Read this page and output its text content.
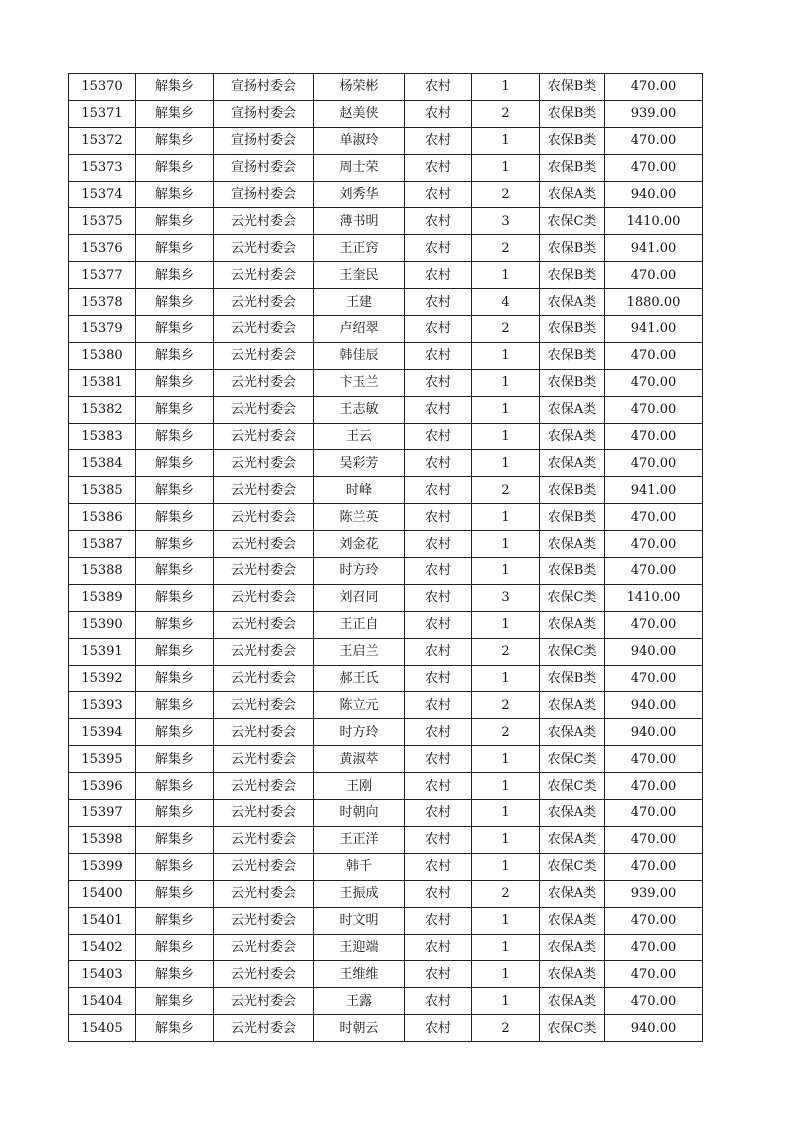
15370	解集乡	宣扬村委会	杨荣彬	农村	1	农保B类	470.00
15371	解集乡	宣扬村委会	赵美侠	农村	2	农保B类	939.00
15372	解集乡	宣扬村委会	单淑玲	农村	1	农保B类	470.00
15373	解集乡	宣扬村委会	周士荣	农村	1	农保B类	470.00
15374	解集乡	宣扬村委会	刘秀华	农村	2	农保A类	940.00
15375	解集乡	云光村委会	薄书明	农村	3	农保C类	1410.00
15376	解集乡	云光村委会	王正窍	农村	2	农保B类	941.00
15377	解集乡	云光村委会	王奎民	农村	1	农保B类	470.00
15378	解集乡	云光村委会	王建	农村	4	农保A类	1880.00
15379	解集乡	云光村委会	卢绍翠	农村	2	农保B类	941.00
15380	解集乡	云光村委会	韩佳辰	农村	1	农保B类	470.00
15381	解集乡	云光村委会	卞玉兰	农村	1	农保B类	470.00
15382	解集乡	云光村委会	王志敏	农村	1	农保A类	470.00
15383	解集乡	云光村委会	王云	农村	1	农保A类	470.00
15384	解集乡	云光村委会	吴彩芳	农村	1	农保A类	470.00
15385	解集乡	云光村委会	时峰	农村	2	农保B类	941.00
15386	解集乡	云光村委会	陈兰英	农村	1	农保B类	470.00
15387	解集乡	云光村委会	刘金花	农村	1	农保A类	470.00
15388	解集乡	云光村委会	时方玲	农村	1	农保B类	470.00
15389	解集乡	云光村委会	刘召同	农村	3	农保C类	1410.00
15390	解集乡	云光村委会	王正自	农村	1	农保A类	470.00
15391	解集乡	云光村委会	王启兰	农村	2	农保C类	940.00
15392	解集乡	云光村委会	郝王氏	农村	1	农保B类	470.00
15393	解集乡	云光村委会	陈立元	农村	2	农保A类	940.00
15394	解集乡	云光村委会	时方玲	农村	2	农保A类	940.00
15395	解集乡	云光村委会	黄淑萃	农村	1	农保C类	470.00
15396	解集乡	云光村委会	王刚	农村	1	农保C类	470.00
15397	解集乡	云光村委会	时朝向	农村	1	农保A类	470.00
15398	解集乡	云光村委会	王正洋	农村	1	农保A类	470.00
15399	解集乡	云光村委会	韩千	农村	1	农保C类	470.00
15400	解集乡	云光村委会	王振成	农村	2	农保A类	939.00
15401	解集乡	云光村委会	时文明	农村	1	农保A类	470.00
15402	解集乡	云光村委会	王迎端	农村	1	农保A类	470.00
15403	解集乡	云光村委会	王维维	农村	1	农保A类	470.00
15404	解集乡	云光村委会	王露	农村	1	农保A类	470.00
15405	解集乡	云光村委会	时朝云	农村	2	农保C类	940.00
